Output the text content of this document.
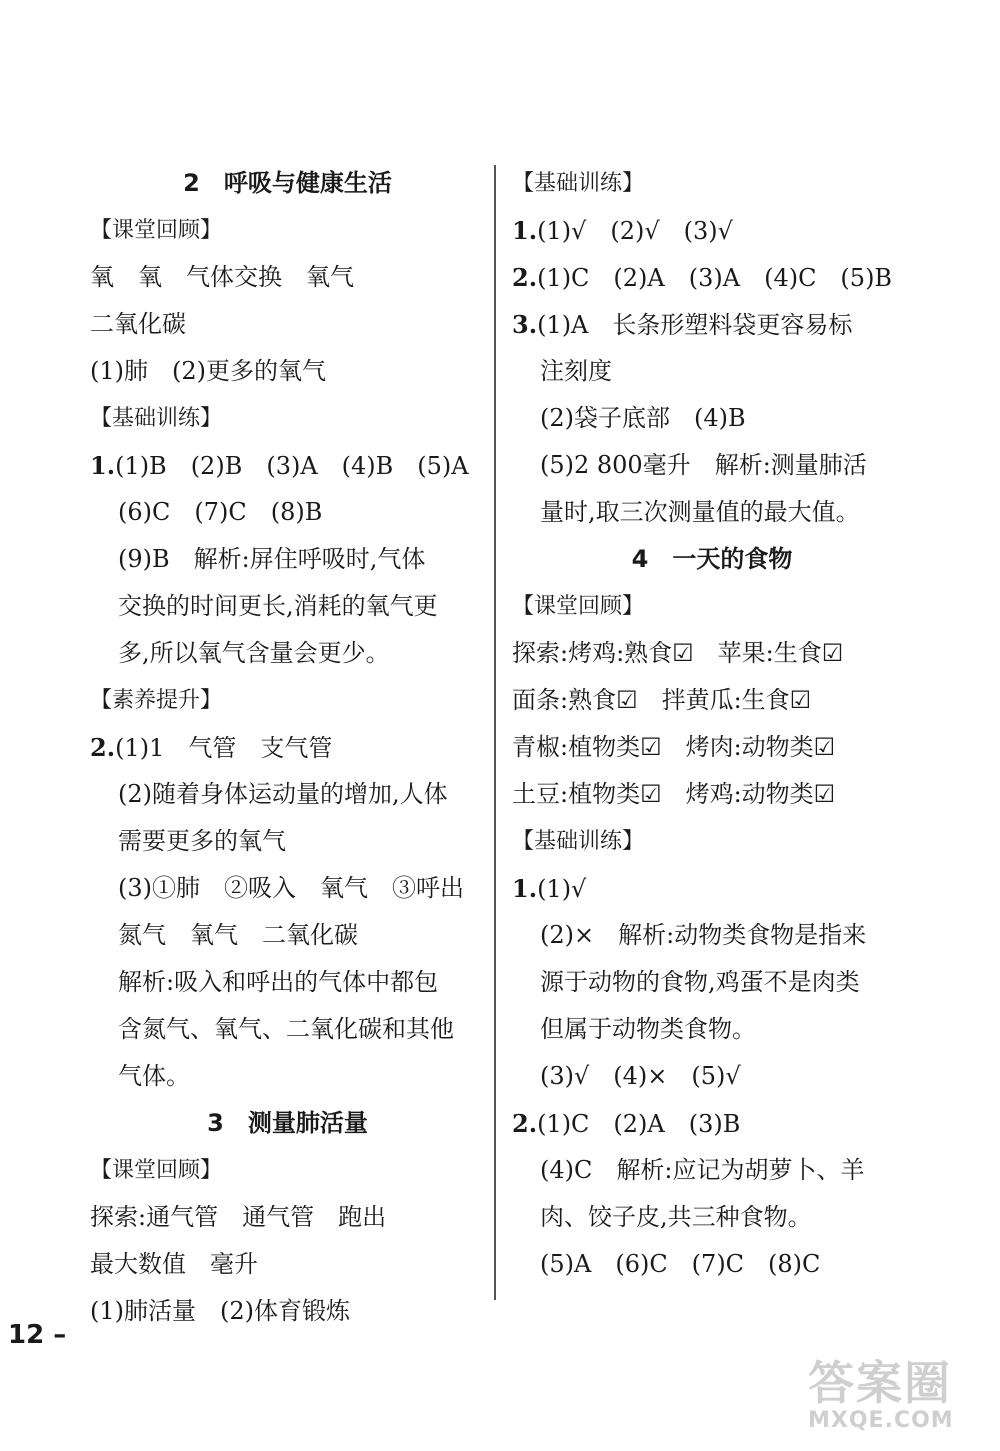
2　呼吸与健康生活
【课堂回顾】
氧　氧　气体交换　氧气
二氧化碳
(1)肺　(2)更多的氧气
【基础训练】
1.(1)B　(2)B　(3)A　(4)B　(5)A
(6)C　(7)C　(8)B
(9)B　解析:屏住呼吸时,气体
交换的时间更长,消耗的氧气更
多,所以氧气含量会更少。
【素养提升】
2.(1)1　气管　支气管
(2)随着身体运动量的增加,人体
需要更多的氧气
(3)①肺　②吸入　氧气　③呼出
氮气　氧气　二氧化碳
解析:吸入和呼出的气体中都包
含氮气、氧气、二氧化碳和其他
气体。
3　测量肺活量
【课堂回顾】
探索:通气管　通气管　跑出
最大数值　毫升
(1)肺活量　(2)体育锻炼
【基础训练】
1.(1)√　(2)√　(3)√
2.(1)C　(2)A　(3)A　(4)C　(5)B
3.(1)A　长条形塑料袋更容易标
注刻度
(2)袋子底部　(4)B
(5)2 800毫升　解析:测量肺活
量时,取三次测量值的最大值。
4　一天的食物
【课堂回顾】
探索:烤鸡:熟食☑　苹果:生食☑
面条:熟食☑　拌黄瓜:生食☑
青椒:植物类☑　烤肉:动物类☑
土豆:植物类☑　烤鸡:动物类☑
【基础训练】
1.(1)√
(2)×　解析:动物类食物是指来
源于动物的食物,鸡蛋不是肉类
但属于动物类食物。
(3)√　(4)×　(5)√
2.(1)C　(2)A　(3)B
(4)C　解析:应记为胡萝卜、羊
肉、饺子皮,共三种食物。
(5)A　(6)C　(7)C　(8)C
12 –
答案圈
MXQE.COM
